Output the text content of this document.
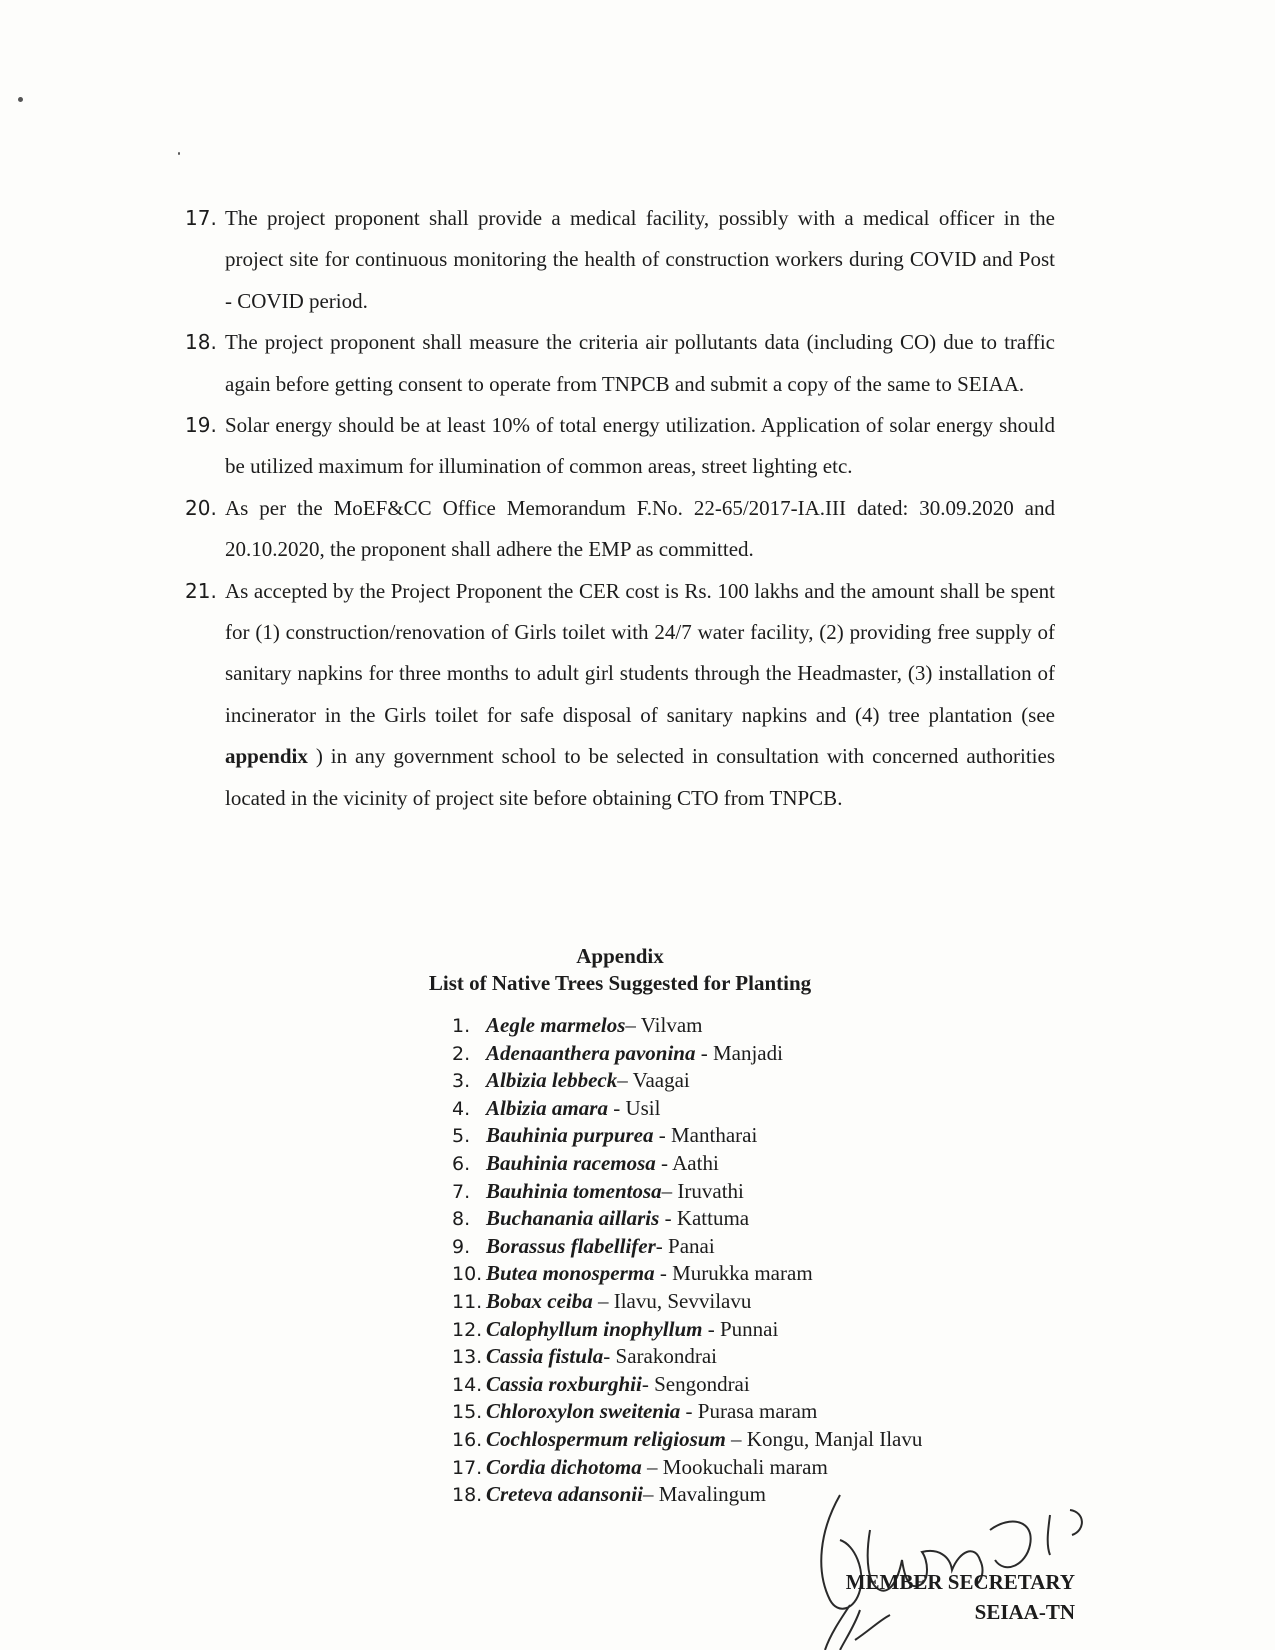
17. The project proponent shall provide a medical facility, possibly with a medical officer in the project site for continuous monitoring the health of construction workers during COVID and Post - COVID period.
18. The project proponent shall measure the criteria air pollutants data (including CO) due to traffic again before getting consent to operate from TNPCB and submit a copy of the same to SEIAA.
19. Solar energy should be at least 10% of total energy utilization. Application of solar energy should be utilized maximum for illumination of common areas, street lighting etc.
20. As per the MoEF&CC Office Memorandum F.No. 22-65/2017-IA.III dated: 30.09.2020 and 20.10.2020, the proponent shall adhere the EMP as committed.
21. As accepted by the Project Proponent the CER cost is Rs. 100 lakhs and the amount shall be spent for (1) construction/renovation of Girls toilet with 24/7 water facility, (2) providing free supply of sanitary napkins for three months to adult girl students through the Headmaster, (3) installation of incinerator in the Girls toilet for safe disposal of sanitary napkins and (4) tree plantation (see appendix ) in any government school to be selected in consultation with concerned authorities located in the vicinity of project site before obtaining CTO from TNPCB.
Appendix
List of Native Trees Suggested for Planting
1. Aegle marmelos– Vilvam
2. Adenaanthera pavonina - Manjadi
3. Albizia lebbeck– Vaagai
4. Albizia amara - Usil
5. Bauhinia purpurea - Mantharai
6. Bauhinia racemosa - Aathi
7. Bauhinia tomentosa– Iruvathi
8. Buchanania aillaris - Kattuma
9. Borassus flabellifer- Panai
10. Butea monosperma - Murukka maram
11. Bobax ceiba – Ilavu, Sevvilavu
12. Calophyllum inophyllum - Punnai
13. Cassia fistula- Sarakondrai
14. Cassia roxburghii- Sengondrai
15. Chloroxylon sweitenia - Purasa maram
16. Cochlospermum religiosum – Kongu, Manjal Ilavu
17. Cordia dichotoma – Mookuchali maram
18. Creteva adansonii– Mavalingum
MEMBER SECRETARY
SEIAA-TN
